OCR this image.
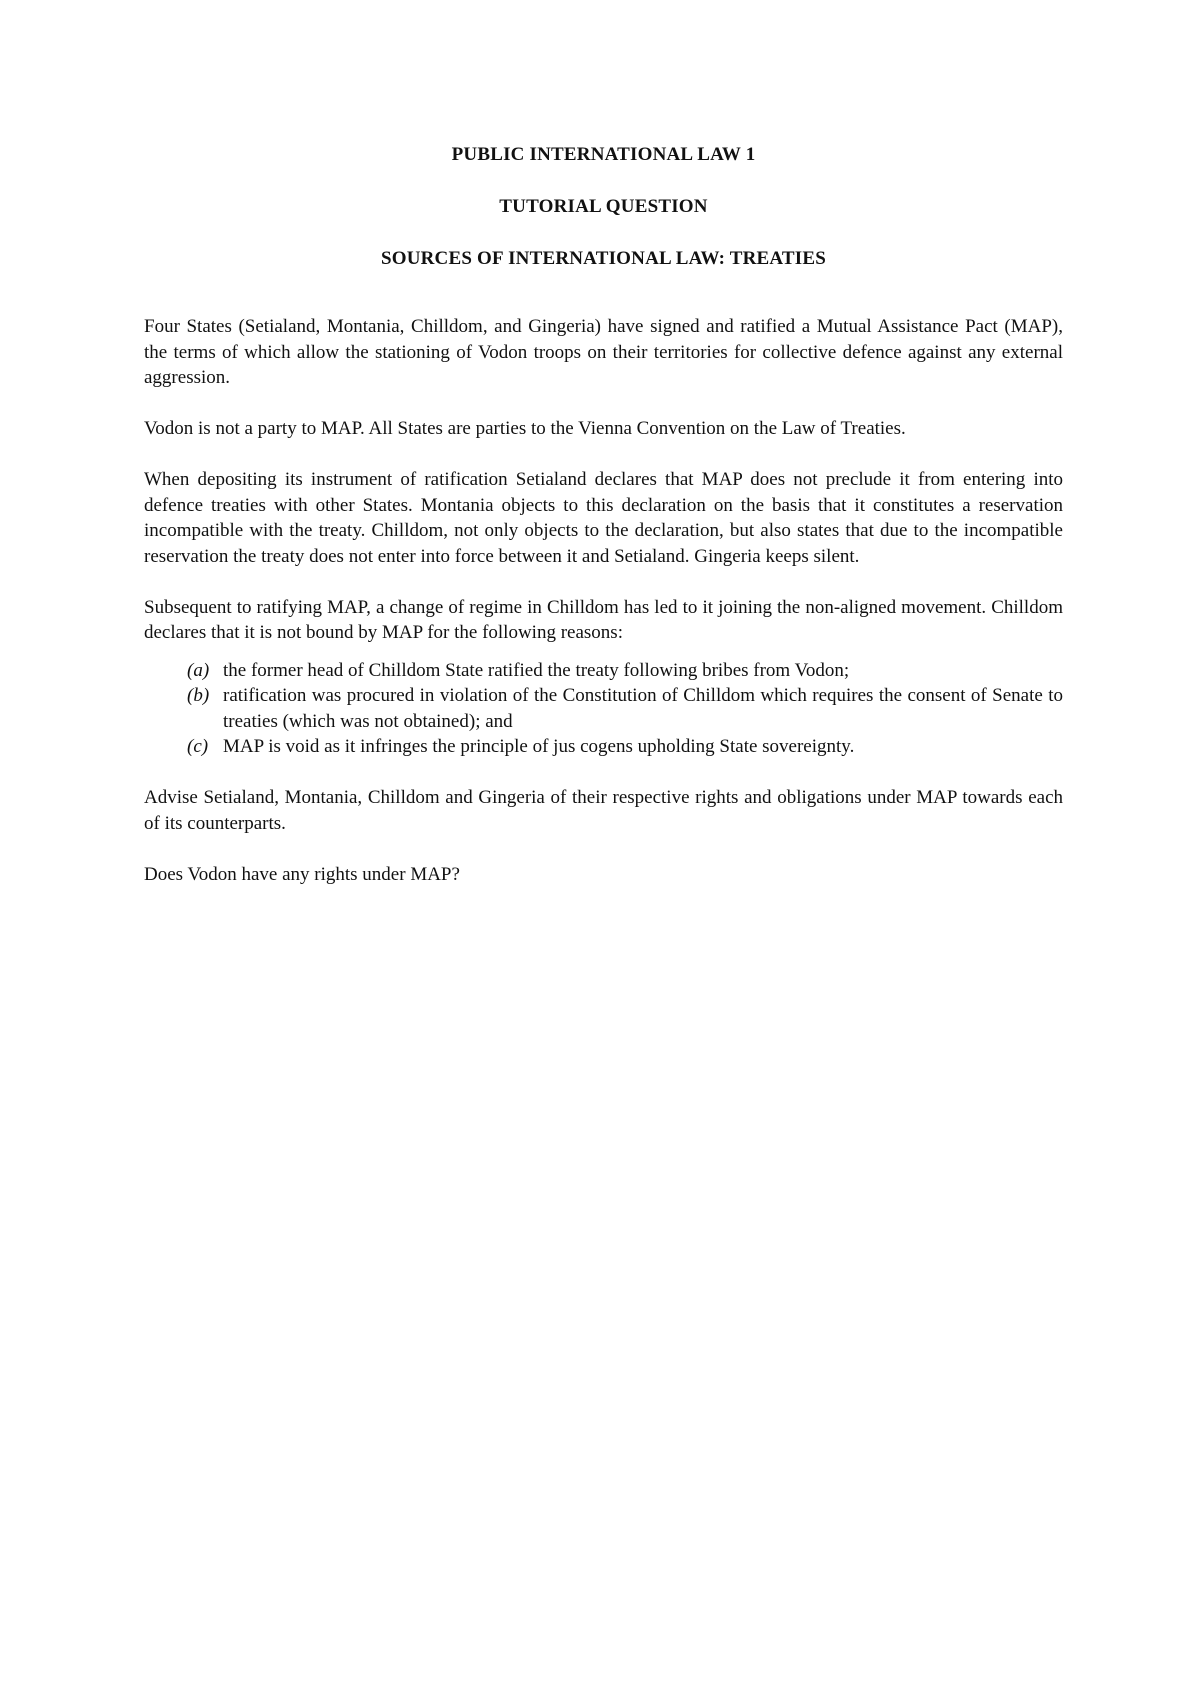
PUBLIC INTERNATIONAL LAW 1
TUTORIAL QUESTION
SOURCES OF INTERNATIONAL LAW: TREATIES

Four States (Setialand, Montania, Chilldom, and Gingeria) have signed and ratified a Mutual Assistance Pact (MAP), the terms of which allow the stationing of Vodon troops on their territories for collective defence against any external aggression.

Vodon is not a party to MAP. All States are parties to the Vienna Convention on the Law of Treaties.

When depositing its instrument of ratification Setialand declares that MAP does not preclude it from entering into defence treaties with other States. Montania objects to this declaration on the basis that it constitutes a reservation incompatible with the treaty. Chilldom, not only objects to the declaration, but also states that due to the incompatible reservation the treaty does not enter into force between it and Setialand. Gingeria keeps silent.

Subsequent to ratifying MAP, a change of regime in Chilldom has led to it joining the non-aligned movement. Chilldom declares that it is not bound by MAP for the following reasons:

(a) the former head of Chilldom State ratified the treaty following bribes from Vodon;
(b) ratification was procured in violation of the Constitution of Chilldom which requires the consent of Senate to treaties (which was not obtained); and
(c) MAP is void as it infringes the principle of jus cogens upholding State sovereignty.

Advise Setialand, Montania, Chilldom and Gingeria of their respective rights and obligations under MAP towards each of its counterparts.

Does Vodon have any rights under MAP?
